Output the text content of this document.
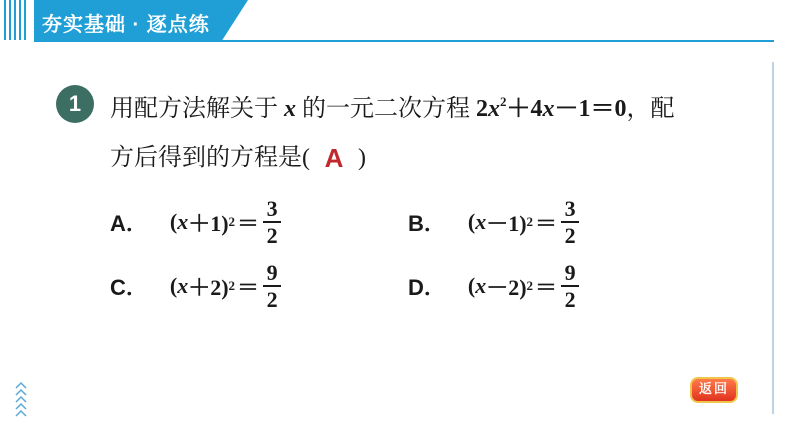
夯实基础 · 逐点练
1	用配方法解关于 x 的一元二次方程 $2x^2+4x-1=0$，配
方后得到的方程是( A )
A． ( x ＋1) $2 = \frac{3}{2}$	B． ( x －1) $2 = \frac{3}{2}$
C． ( x ＋2) $2 = \frac{9}{2}$	D． ( x －2) $2 = \frac{9}{2}$
返回
